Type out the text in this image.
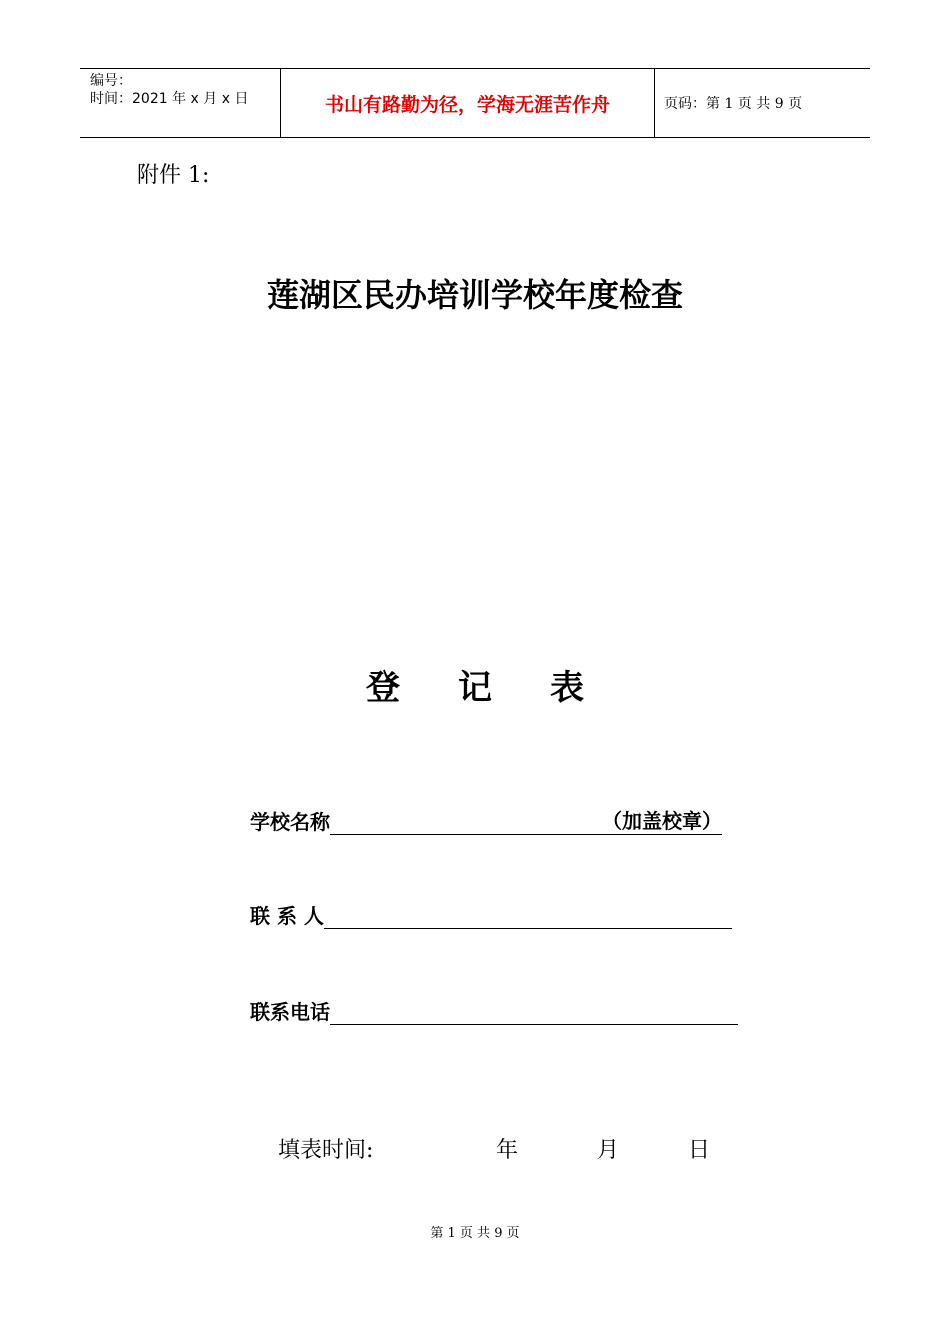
编号：
时间：2021 年 x 月 x 日	书山有路勤为径，学海无涯苦作舟	页码：第 1 页 共 9 页
附件 1:
莲湖区民办培训学校年度检查
登记表
学校名称	（加盖校章）
联 系 人
联系电话
填表时间:	年	月	日
第 1 页 共 9 页
